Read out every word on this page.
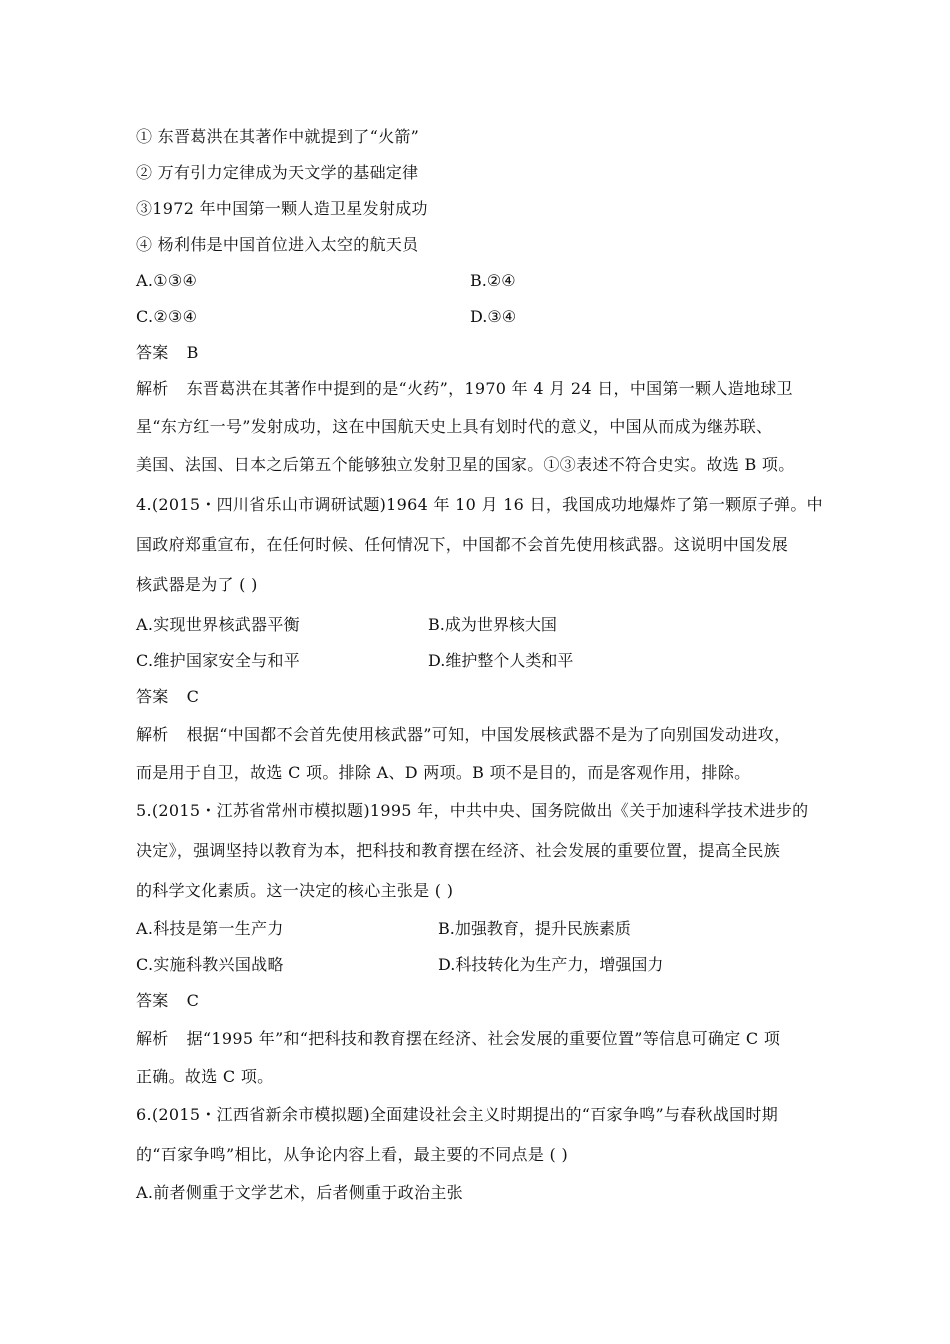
① 东晋葛洪在其著作中就提到了“火箭”
② 万有引力定律成为天文学的基础定律
③1972 年中国第一颗人造卫星发射成功
④ 杨利伟是中国首位进入太空的航天员
A.①③④	B.②④
C.②③④	D.③④
答案 B
解析 东晋葛洪在其著作中提到的是“火药”，1970 年 4 月 24 日，中国第一颗人造地球卫
星“东方红一号”发射成功，这在中国航天史上具有划时代的意义，中国从而成为继苏联、
美国、法国、日本之后第五个能够独立发射卫星的国家。①③表述不符合史实。故选 B 项。
4.(2015・四川省乐山市调研试题)1964 年 10 月 16 日，我国成功地爆炸了第一颗原子弹。中
国政府郑重宣布，在任何时候、任何情况下，中国都不会首先使用核武器。这说明中国发展
核武器是为了 ( )
A.实现世界核武器平衡	B.成为世界核大国
C.维护国家安全与和平	D.维护整个人类和平
答案 C
解析 根据“中国都不会首先使用核武器”可知，中国发展核武器不是为了向别国发动进攻，
而是用于自卫，故选 C 项。排除 A、D 两项。B 项不是目的，而是客观作用，排除。
5.(2015・江苏省常州市模拟题)1995 年，中共中央、国务院做出《关于加速科学技术进步的
决定》，强调坚持以教育为本，把科技和教育摆在经济、社会发展的重要位置，提高全民族
的科学文化素质。这一决定的核心主张是 ( )
A.科技是第一生产力	B.加强教育，提升民族素质
C.实施科教兴国战略	D.科技转化为生产力，增强国力
答案 C
解析 据“1995 年”和“把科技和教育摆在经济、社会发展的重要位置”等信息可确定 C 项
正确。故选 C 项。
6.(2015・江西省新余市模拟题)全面建设社会主义时期提出的“百家争鸣”与春秋战国时期
的“百家争鸣”相比，从争论内容上看，最主要的不同点是 ( )
A.前者侧重于文学艺术，后者侧重于政治主张
